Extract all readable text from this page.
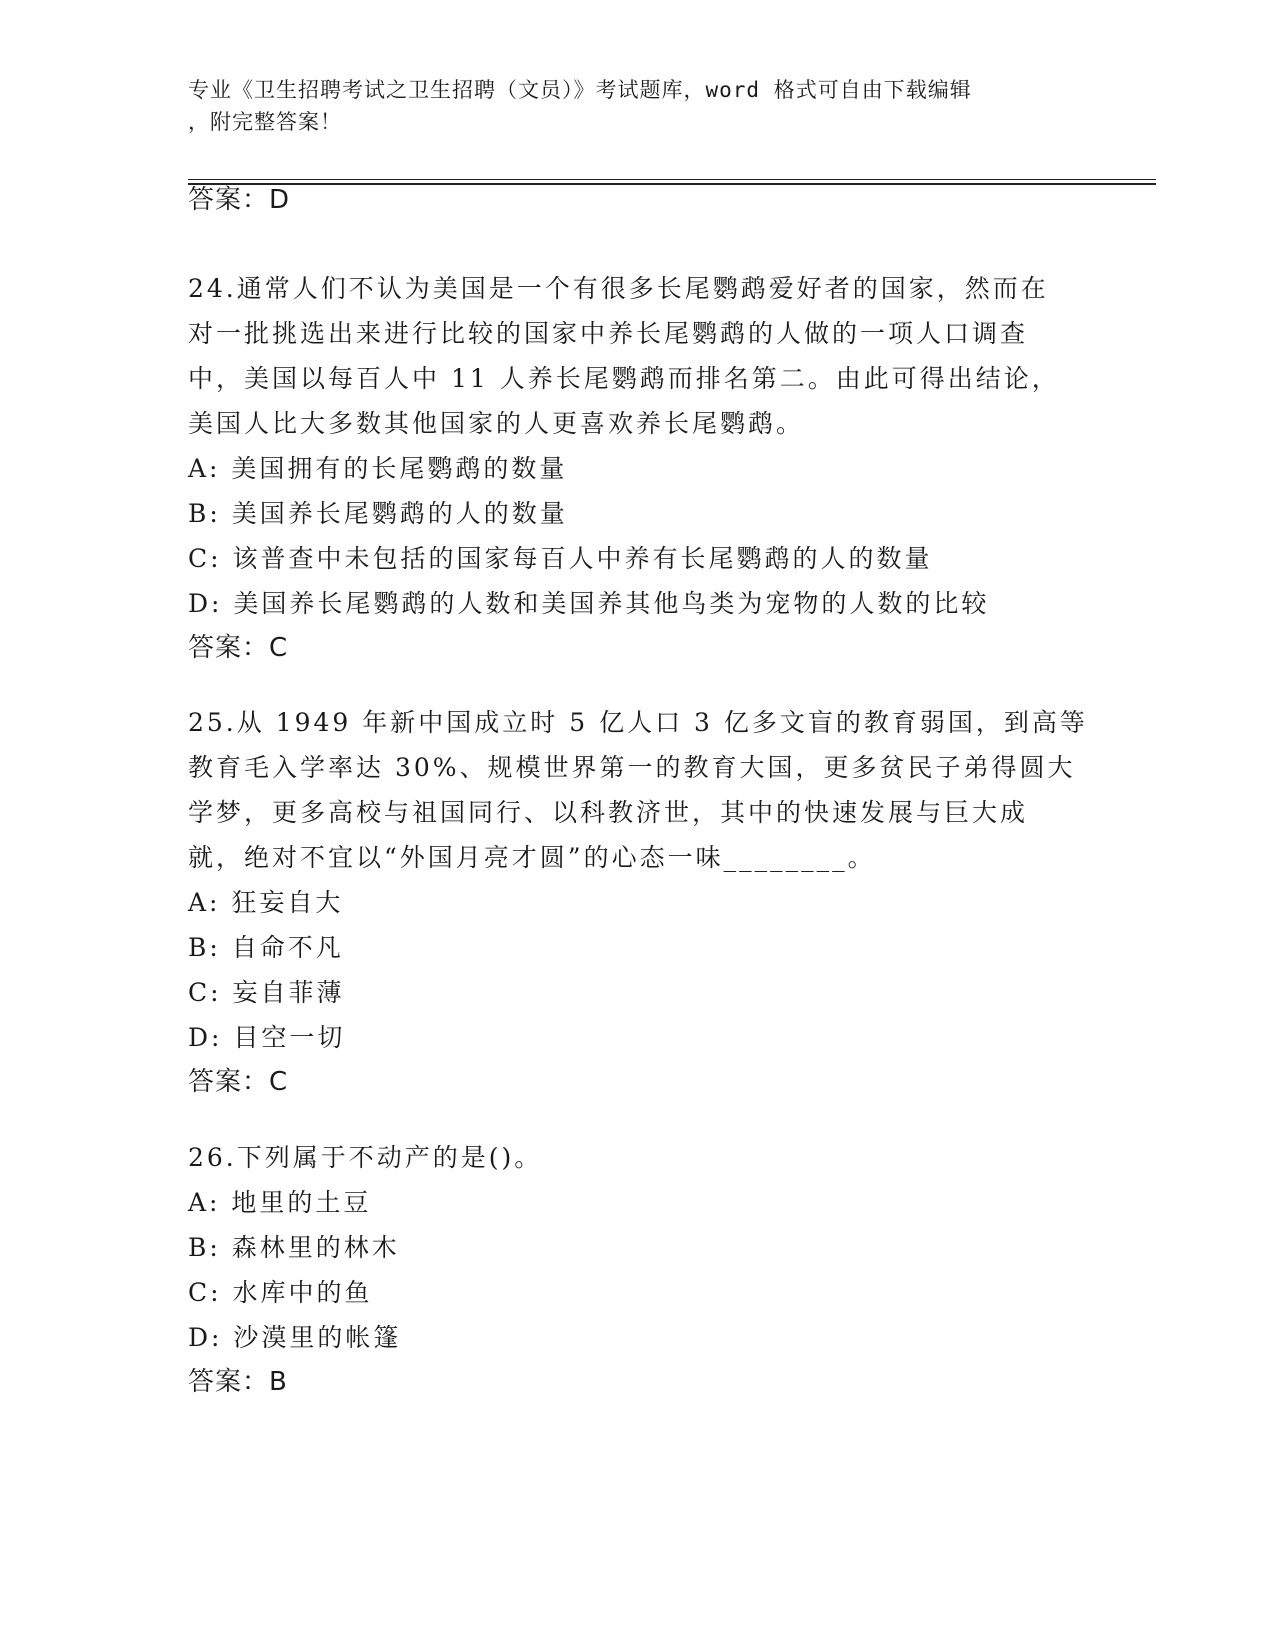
专业《卫生招聘考试之卫生招聘（文员）》考试题库，word 格式可自由下载编辑
，附完整答案！
答案：D
24.通常人们不认为美国是一个有很多长尾鹦鹉爱好者的国家，然而在
对一批挑选出来进行比较的国家中养长尾鹦鹉的人做的一项人口调查
中，美国以每百人中 11 人养长尾鹦鹉而排名第二。由此可得出结论，
美国人比大多数其他国家的人更喜欢养长尾鹦鹉。
A: 美国拥有的长尾鹦鹉的数量
B: 美国养长尾鹦鹉的人的数量
C: 该普查中未包括的国家每百人中养有长尾鹦鹉的人的数量
D: 美国养长尾鹦鹉的人数和美国养其他鸟类为宠物的人数的比较
答案：C
25.从 1949 年新中国成立时 5 亿人口 3 亿多文盲的教育弱国，到高等
教育毛入学率达 30%、规模世界第一的教育大国，更多贫民子弟得圆大
学梦，更多高校与祖国同行、以科教济世，其中的快速发展与巨大成
就，绝对不宜以“外国月亮才圆”的心态一味________。
A: 狂妄自大
B: 自命不凡
C: 妄自菲薄
D: 目空一切
答案：C
26.下列属于不动产的是()。
A: 地里的土豆
B: 森林里的林木
C: 水库中的鱼
D: 沙漠里的帐篷
答案：B
